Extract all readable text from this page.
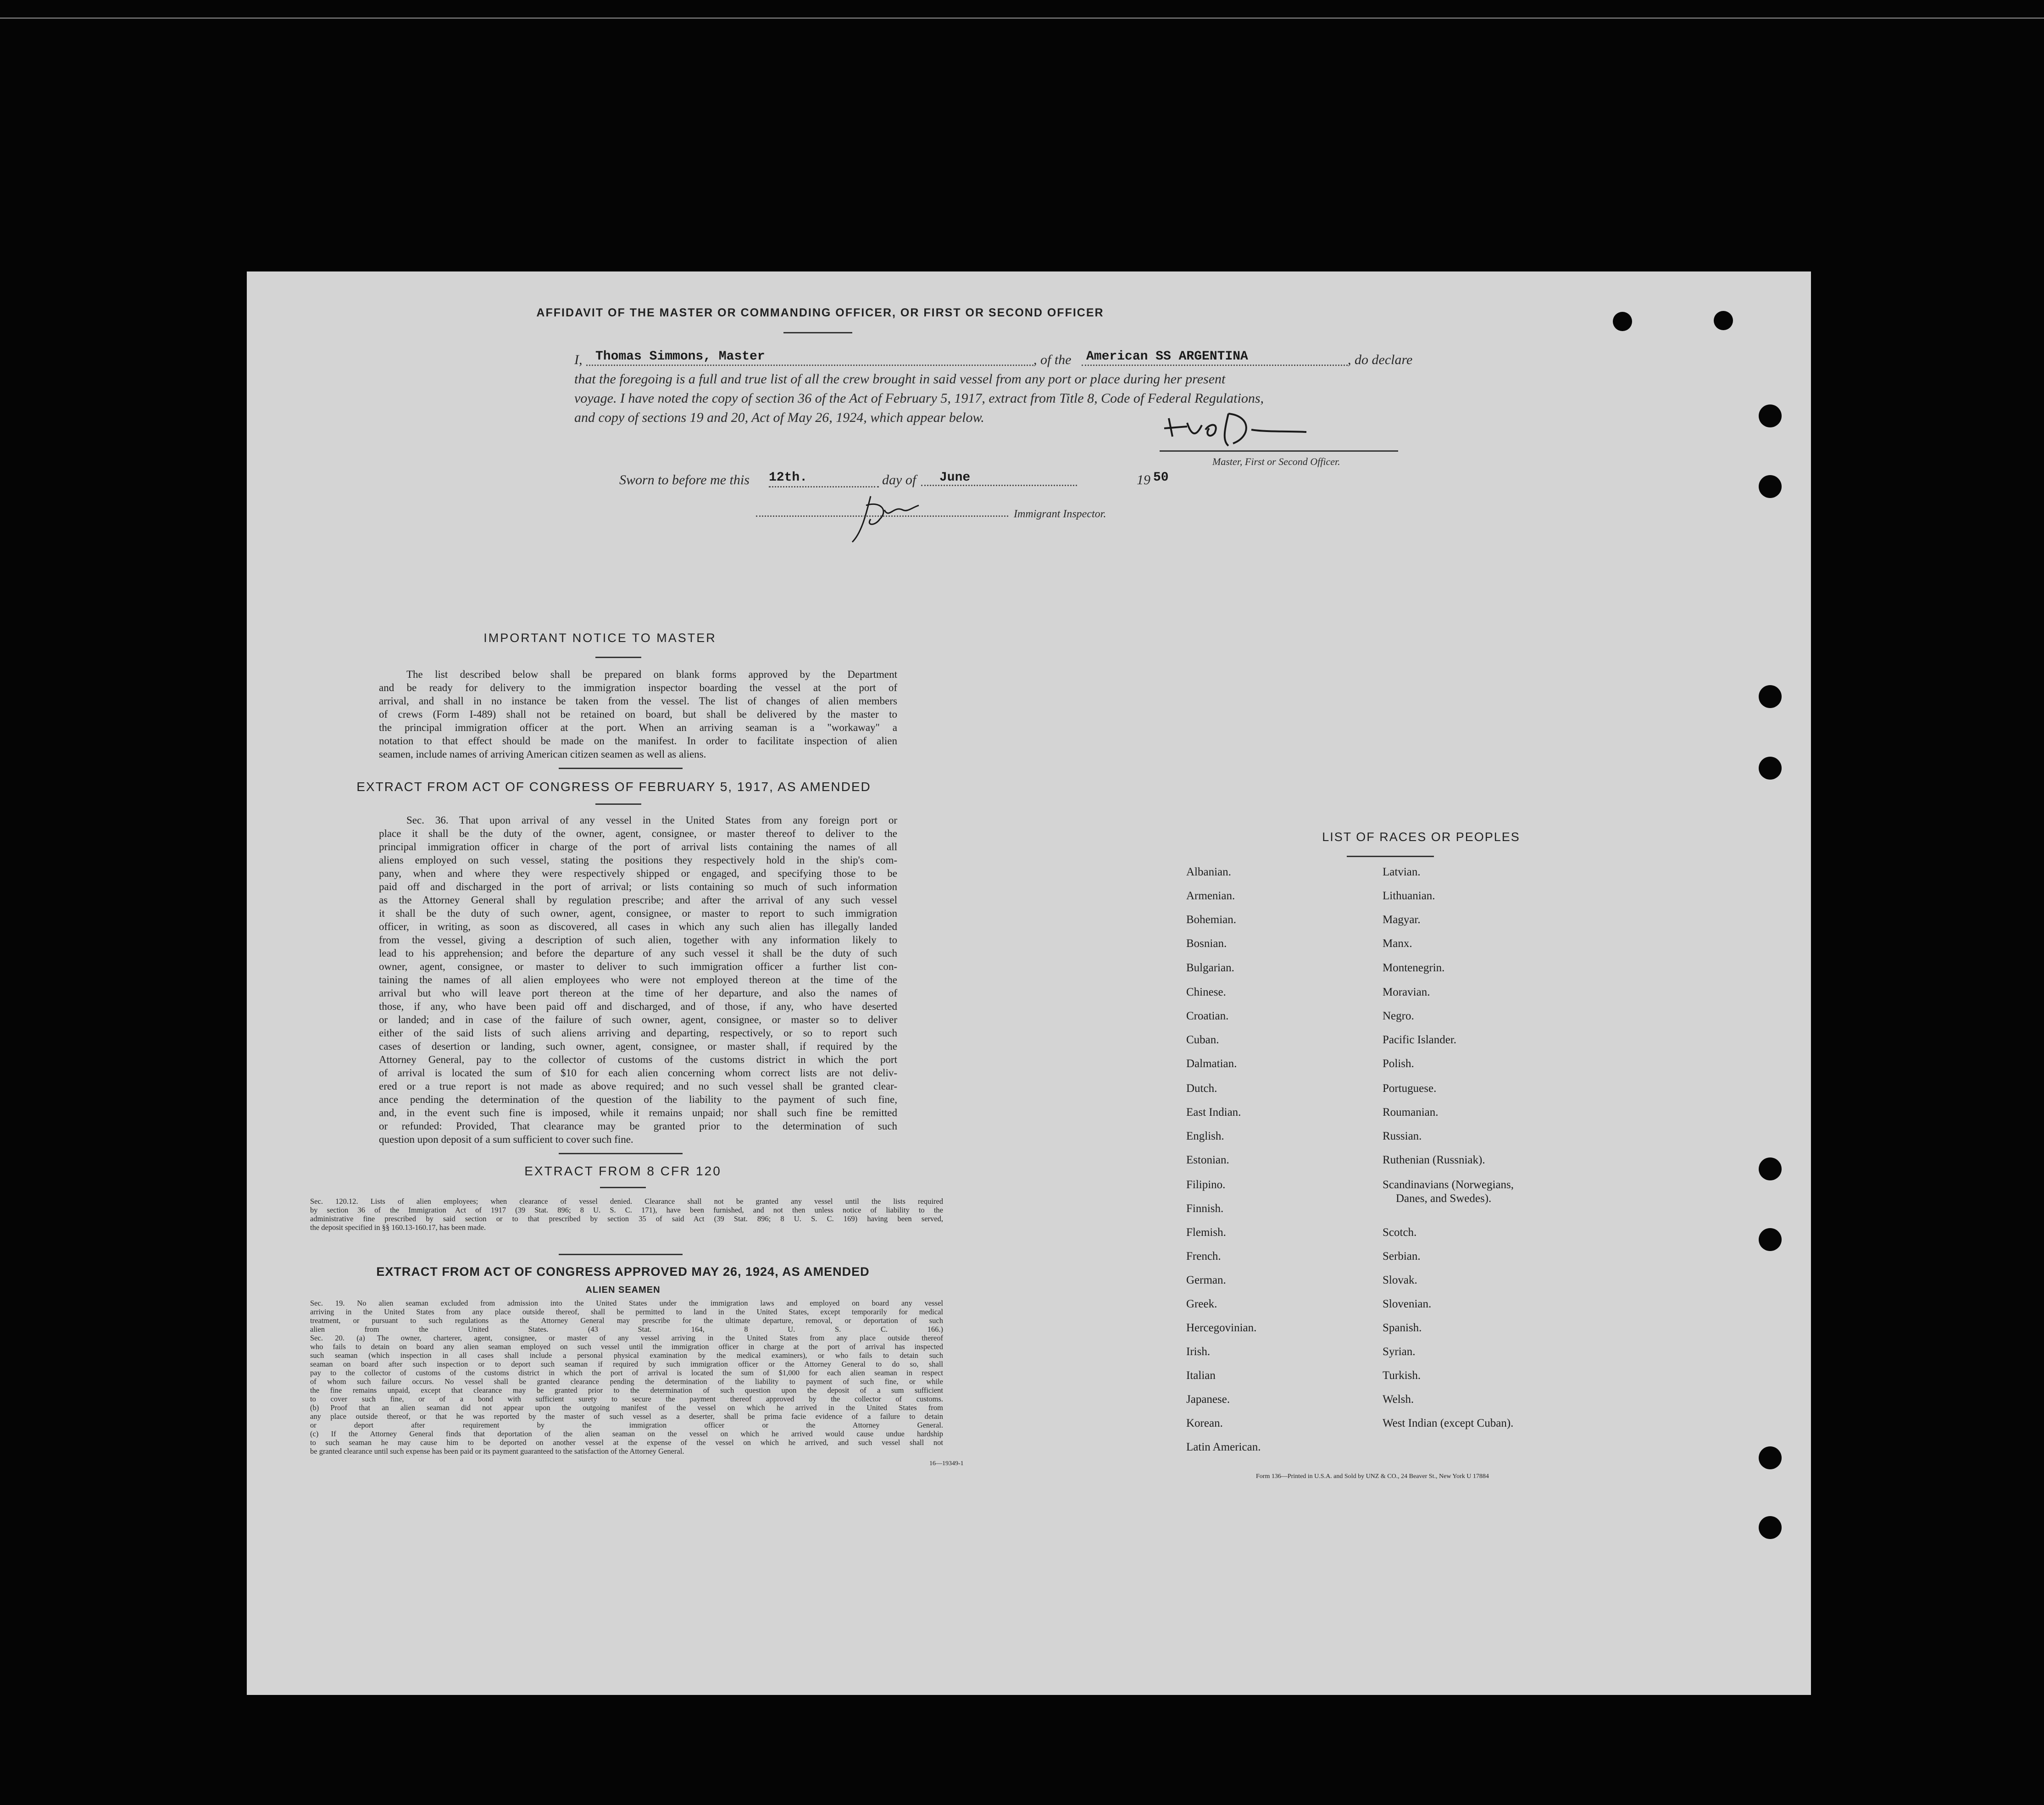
AFFIDAVIT OF THE MASTER OR COMMANDING OFFICER, OR FIRST OR SECOND OFFICER
I,	Thomas Simmons, Master	, of the	American SS ARGENTINA	, do declare
that the foregoing is a full and true list of all the crew brought in said vessel from any port or place during her present
voyage. I have noted the copy of section 36 of the Act of February 5, 1917, extract from Title 8, Code of Federal Regulations,
and copy of sections 19 and 20, Act of May 26, 1924, which appear below.
Master, First or Second Officer.
Sworn to before me this 12th.	day of	June	19 50
Immigrant Inspector.
IMPORTANT NOTICE TO MASTER
The list described below shall be prepared on blank forms approved by the Department
and be ready for delivery to the immigration inspector boarding the vessel at the port of
arrival, and shall in no instance be taken from the vessel. The list of changes of alien members
of crews (Form I-489) shall not be retained on board, but shall be delivered by the master to
the principal immigration officer at the port. When an arriving seaman is a "workaway" a
notation to that effect should be made on the manifest. In order to facilitate inspection of alien
seamen, include names of arriving American citizen seamen as well as aliens.
EXTRACT FROM ACT OF CONGRESS OF FEBRUARY 5, 1917, AS AMENDED
Sec. 36. That upon arrival of any vessel in the United States from any foreign port or
place it shall be the duty of the owner, agent, consignee, or master thereof to deliver to the
principal immigration officer in charge of the port of arrival lists containing the names of all
aliens employed on such vessel, stating the positions they respectively hold in the ship's com-
pany, when and where they were respectively shipped or engaged, and specifying those to be
paid off and discharged in the port of arrival; or lists containing so much of such information
as the Attorney General shall by regulation prescribe; and after the arrival of any such vessel
it shall be the duty of such owner, agent, consignee, or master to report to such immigration
officer, in writing, as soon as discovered, all cases in which any such alien has illegally landed
from the vessel, giving a description of such alien, together with any information likely to
lead to his apprehension; and before the departure of any such vessel it shall be the duty of such
owner, agent, consignee, or master to deliver to such immigration officer a further list con-
taining the names of all alien employees who were not employed thereon at the time of the
arrival but who will leave port thereon at the time of her departure, and also the names of
those, if any, who have been paid off and discharged, and of those, if any, who have deserted
or landed; and in case of the failure of such owner, agent, consignee, or master so to deliver
either of the said lists of such aliens arriving and departing, respectively, or so to report such
cases of desertion or landing, such owner, agent, consignee, or master shall, if required by the
Attorney General, pay to the collector of customs of the customs district in which the port
of arrival is located the sum of $10 for each alien concerning whom correct lists are not deliv-
ered or a true report is not made as above required; and no such vessel shall be granted clear-
ance pending the determination of the question of the liability to the payment of such fine,
and, in the event such fine is imposed, while it remains unpaid; nor shall such fine be remitted
or refunded: Provided, That clearance may be granted prior to the determination of such
question upon deposit of a sum sufficient to cover such fine.
EXTRACT FROM 8 CFR 120
Sec. 120.12. Lists of alien employees; when clearance of vessel denied. Clearance shall not be granted any vessel until the lists required
by section 36 of the Immigration Act of 1917 (39 Stat. 896; 8 U. S. C. 171), have been furnished, and not then unless notice of liability to the
administrative fine prescribed by said section or to that prescribed by section 35 of said Act (39 Stat. 896; 8 U. S. C. 169) having been served,
the deposit specified in §§ 160.13-160.17, has been made.
EXTRACT FROM ACT OF CONGRESS APPROVED MAY 26, 1924, AS AMENDED
ALIEN SEAMEN
Sec. 19. No alien seaman excluded from admission into the United States under the immigration laws and employed on board any vessel
arriving in the United States from any place outside thereof, shall be permitted to land in the United States, except temporarily for medical
treatment, or pursuant to such regulations as the Attorney General may prescribe for the ultimate departure, removal, or deportation of such
alien from the United States. (43 Stat. 164, 8 U. S. C. 166.)
Sec. 20. (a) The owner, charterer, agent, consignee, or master of any vessel arriving in the United States from any place outside thereof
who fails to detain on board any alien seaman employed on such vessel until the immigration officer in charge at the port of arrival has inspected
such seaman (which inspection in all cases shall include a personal physical examination by the medical examiners), or who fails to detain such
seaman on board after such inspection or to deport such seaman if required by such immigration officer or the Attorney General to do so, shall
pay to the collector of customs of the customs district in which the port of arrival is located the sum of $1,000 for each alien seaman in respect
of whom such failure occurs. No vessel shall be granted clearance pending the determination of the liability to payment of such fine, or while
the fine remains unpaid, except that clearance may be granted prior to the determination of such question upon the deposit of a sum sufficient
to cover such fine, or of a bond with sufficient surety to secure the payment thereof approved by the collector of customs.
(b) Proof that an alien seaman did not appear upon the outgoing manifest of the vessel on which he arrived in the United States from
any place outside thereof, or that he was reported by the master of such vessel as a deserter, shall be prima facie evidence of a failure to detain
or deport after requirement by the immigration officer or the Attorney General.
(c) If the Attorney General finds that deportation of the alien seaman on the vessel on which he arrived would cause undue hardship
to such seaman he may cause him to be deported on another vessel at the expense of the vessel on which he arrived, and such vessel shall not
be granted clearance until such expense has been paid or its payment guaranteed to the satisfaction of the Attorney General.
16—19349-1
LIST OF RACES OR PEOPLES
Form 136—Printed in U.S.A. and Sold by UNZ & CO., 24 Beaver St., New York U 17884
Albanian.
Armenian.
Bohemian.
Bosnian.
Bulgarian.
Chinese.
Croatian.
Cuban.
Dalmatian.
Dutch.
East Indian.
English.
Estonian.
Filipino.
Finnish.
Flemish.
French.
German.
Greek.
Hercegovinian.
Irish.
Italian
Japanese.
Korean.
Latin American.
Latvian.
Lithuanian.
Magyar.
Manx.
Montenegrin.
Moravian.
Negro.
Pacific Islander.
Polish.
Portuguese.
Roumanian.
Russian.
Ruthenian (Russniak).
Scandinavians (Norwegians,
Danes, and Swedes).
Scotch.
Serbian.
Slovak.
Slovenian.
Spanish.
Syrian.
Turkish.
Welsh.
West Indian (except Cuban).
